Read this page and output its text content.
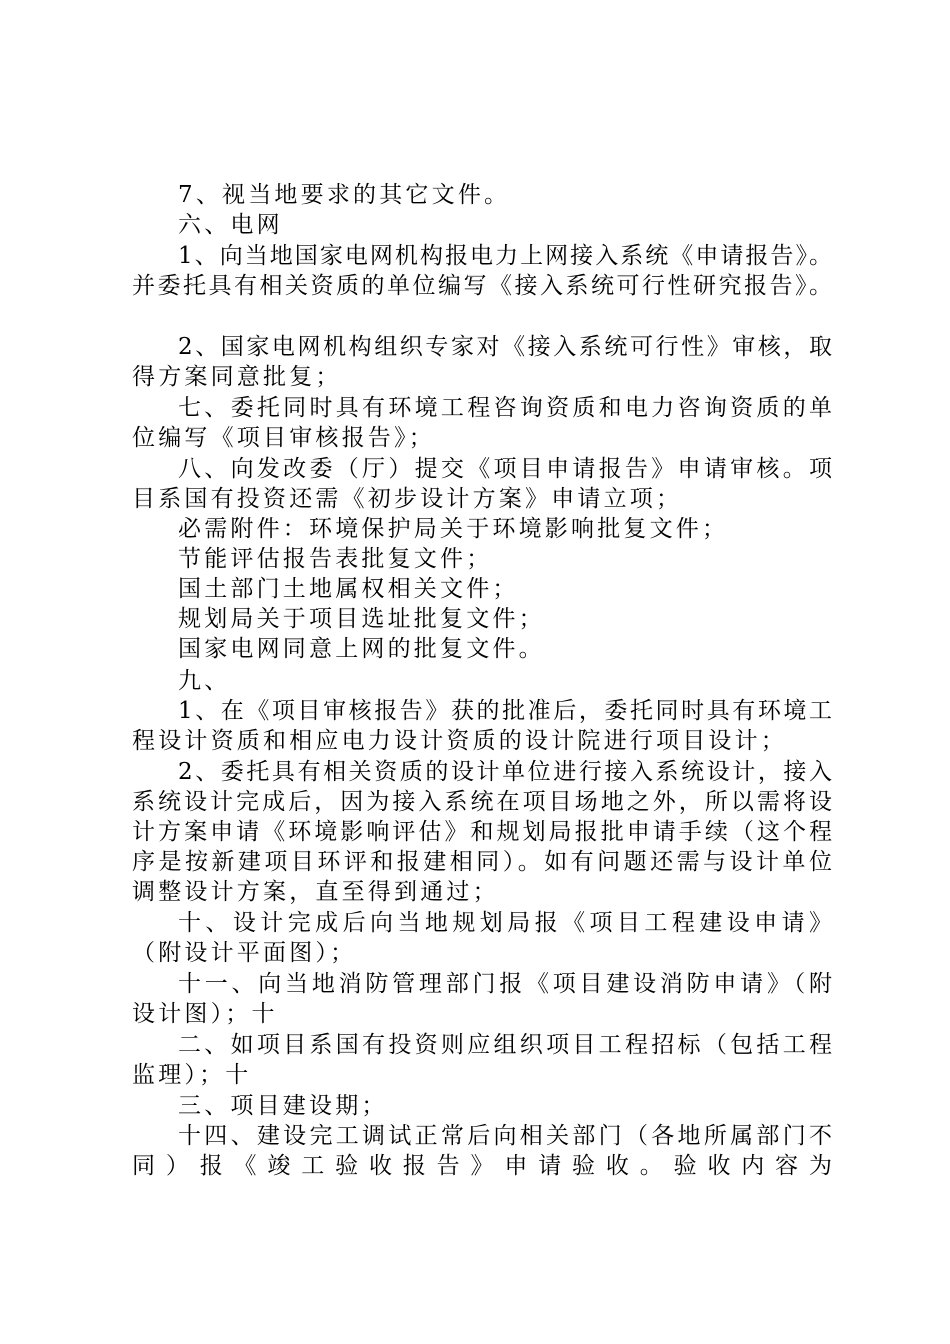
7、视当地要求的其它文件。
六、电网
1、向当地国家电网机构报电力上网接入系统《申请报告》。
并委托具有相关资质的单位编写《接入系统可行性研究报告》。
2、国家电网机构组织专家对《接入系统可行性》审核，取
得方案同意批复；
七、委托同时具有环境工程咨询资质和电力咨询资质的单
位编写《项目审核报告》；
八、向发改委（厅）提交《项目申请报告》申请审核。项
目系国有投资还需《初步设计方案》申请立项；
必需附件：环境保护局关于环境影响批复文件；
节能评估报告表批复文件；
国土部门土地属权相关文件；
规划局关于项目选址批复文件；
国家电网同意上网的批复文件。
九、
1、在《项目审核报告》获的批准后，委托同时具有环境工
程设计资质和相应电力设计资质的设计院进行项目设计；
2、委托具有相关资质的设计单位进行接入系统设计，接入
系统设计完成后，因为接入系统在项目场地之外，所以需将设
计方案申请《环境影响评估》和规划局报批申请手续（这个程
序是按新建项目环评和报建相同）。如有问题还需与设计单位
调整设计方案，直至得到通过；
十、设计完成后向当地规划局报《项目工程建设申请》
（附设计平面图）；
十一、向当地消防管理部门报《项目建设消防申请》（附
设计图）；十
二、如项目系国有投资则应组织项目工程招标（包括工程
监理）；十
三、项目建设期；
十四、建设完工调试正常后向相关部门（各地所属部门不
同）报《竣工验收报告》申请验收。验收内容为
